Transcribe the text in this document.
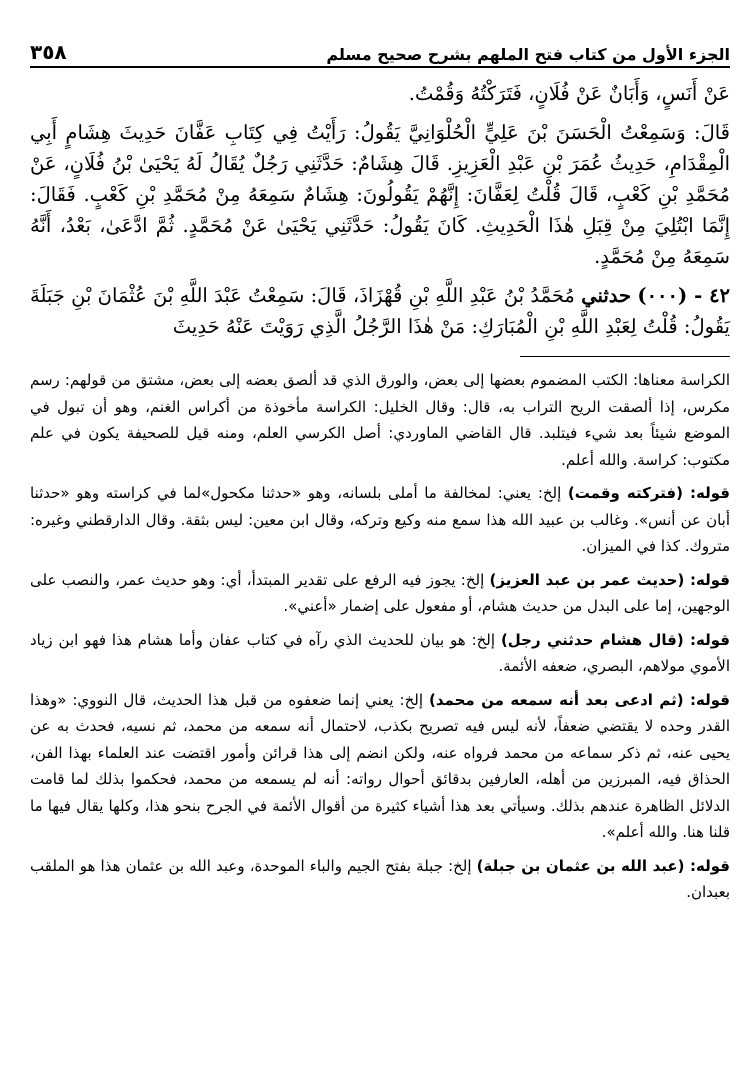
الجزء الأول من كتاب فتح الملهم بشرح صحيح مسلم
٣٥٨

عَنْ أَنَسٍ، وَأَبَانٌ عَنْ فُلَانٍ، فَتَرَكْتُهُ وَقُمْتُ.

قَالَ: وَسَمِعْتُ الْحَسَنَ بْنَ عَلِيٍّ الْحُلْوَانِيَّ يَقُولُ: رَأَيْتُ فِي كِتَابِ عَفَّانَ حَدِيثَ هِشَامٍ أَبِي الْمِقْدَامِ، حَدِيثُ عُمَرَ بْنِ عَبْدِ الْعَزِيزِ. قَالَ هِشَامٌ: حَدَّثَنِي رَجُلٌ يُقَالُ لَهُ يَحْيَىٰ بْنُ فُلَانٍ، عَنْ مُحَمَّدِ بْنِ كَعْبٍ، قَالَ قُلْتُ لِعَفَّانَ: إِنَّهُمْ يَقُولُونَ: هِشَامٌ سَمِعَهُ مِنْ مُحَمَّدِ بْنِ كَعْبٍ. فَقَالَ: إِنَّمَا ابْتُلِيَ مِنْ قِبَلِ هٰذَا الْحَدِيثِ. كَانَ يَقُولُ: حَدَّثَنِي يَحْيَىٰ عَنْ مُحَمَّدٍ. ثُمَّ ادَّعَىٰ، بَعْدُ، أَنَّهُ سَمِعَهُ مِنْ مُحَمَّدٍ.

٤٢ - (٠٠٠) حدثني مُحَمَّدُ بْنُ عَبْدِ اللَّهِ بْنِ قُهْزَاذَ، قَالَ: سَمِعْتُ عَبْدَ اللَّهِ بْنَ عُثْمَانَ بْنِ جَبَلَةَ يَقُولُ: قُلْتُ لِعَبْدِ اللَّهِ بْنِ الْمُبَارَكِ: مَنْ هٰذَا الرَّجُلُ الَّذِي رَوَيْتَ عَنْهُ حَدِيثَ

الكراسة معناها: الكتب المضموم بعضها إلى بعض، والورق الذي قد ألصق بعضه إلى بعض، مشتق من قولهم: رسم مكرس، إذا ألصقت الريح التراب به، قال: وقال الخليل: الكراسة مأخوذة من أكراس الغنم، وهو أن تبول في الموضع شيئاً بعد شيء فيتلبد. قال القاضي الماوردي: أصل الكرسي العلم، ومنه قيل للصحيفة يكون في علم مكتوب: كراسة. والله أعلم.

قوله: (فتركته وقمت) إلخ: يعني: لمخالفة ما أملى بلسانه، وهو «حدثنا مكحول»لما في كراسته وهو «حدثنا أبان عن أنس». وغالب بن عبيد الله هذا سمع منه وكيع وتركه، وقال ابن معين: ليس بثقة. وقال الدارقطني وغيره: متروك. كذا في الميزان.

قوله: (حديث عمر بن عبد العزيز) إلخ: يجوز فيه الرفع على تقدير المبتدأ، أي: وهو حديث عمر، والنصب على الوجهين، إما على البدل من حديث هشام، أو مفعول على إضمار «أعني».

قوله: (قال هشام حدثني رجل) إلخ: هو بيان للحديث الذي رآه في كتاب عفان وأما هشام هذا فهو ابن زياد الأموي مولاهم، البصري، ضعفه الأئمة.

قوله: (ثم ادعى بعد أنه سمعه من محمد) إلخ: يعني إنما ضعفوه من قبل هذا الحديث، قال النووي: «وهذا القدر وحده لا يقتضي ضعفاً، لأنه ليس فيه تصريح بكذب، لاحتمال أنه سمعه من محمد، ثم نسيه، فحدث به عن يحيى عنه، ثم ذكر سماعه من محمد فرواه عنه، ولكن انضم إلى هذا قرائن وأمور اقتضت عند العلماء بهذا الفن، الحذاق فيه، المبرزين من أهله، العارفين بدقائق أحوال رواته: أنه لم يسمعه من محمد، فحكموا بذلك لما قامت الدلائل الظاهرة عندهم بذلك. وسيأتي بعد هذا أشياء كثيرة من أقوال الأئمة في الجرح بنحو هذا، وكلها يقال فيها ما قلنا هنا. والله أعلم».

قوله: (عبد الله بن عثمان بن جبلة) إلخ: جبلة بفتح الجيم والباء الموحدة، وعبد الله بن عثمان هذا هو الملقب بعبدان.
